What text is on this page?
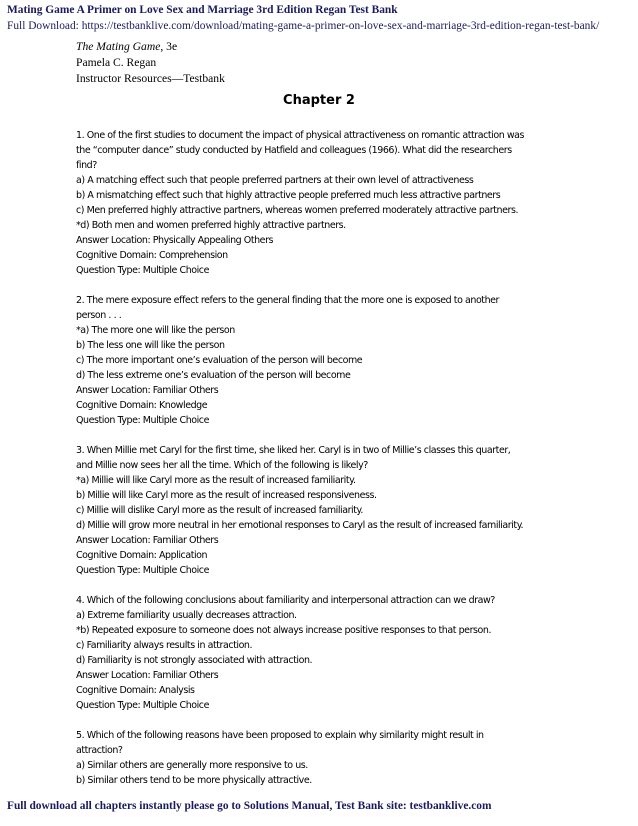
Mating Game A Primer on Love Sex and Marriage 3rd Edition Regan Test Bank
Full Download: https://testbanklive.com/download/mating-game-a-primer-on-love-sex-and-marriage-3rd-edition-regan-test-bank/
The Mating Game, 3e
Pamela C. Regan
Instructor Resources—Testbank
Chapter 2
1. One of the first studies to document the impact of physical attractiveness on romantic attraction was
the “computer dance” study conducted by Hatfield and colleagues (1966). What did the researchers
find?
a) A matching effect such that people preferred partners at their own level of attractiveness
b) A mismatching effect such that highly attractive people preferred much less attractive partners
c) Men preferred highly attractive partners, whereas women preferred moderately attractive partners.
*d) Both men and women preferred highly attractive partners.
Answer Location: Physically Appealing Others
Cognitive Domain: Comprehension
Question Type: Multiple Choice
2. The mere exposure effect refers to the general finding that the more one is exposed to another
person . . .
*a) The more one will like the person
b) The less one will like the person
c) The more important one’s evaluation of the person will become
d) The less extreme one’s evaluation of the person will become
Answer Location: Familiar Others
Cognitive Domain: Knowledge
Question Type: Multiple Choice
3. When Millie met Caryl for the first time, she liked her. Caryl is in two of Millie’s classes this quarter,
and Millie now sees her all the time. Which of the following is likely?
*a) Millie will like Caryl more as the result of increased familiarity.
b) Millie will like Caryl more as the result of increased responsiveness.
c) Millie will dislike Caryl more as the result of increased familiarity.
d) Millie will grow more neutral in her emotional responses to Caryl as the result of increased familiarity.
Answer Location: Familiar Others
Cognitive Domain: Application
Question Type: Multiple Choice
4. Which of the following conclusions about familiarity and interpersonal attraction can we draw?
a) Extreme familiarity usually decreases attraction.
*b) Repeated exposure to someone does not always increase positive responses to that person.
c) Familiarity always results in attraction.
d) Familiarity is not strongly associated with attraction.
Answer Location: Familiar Others
Cognitive Domain: Analysis
Question Type: Multiple Choice
5. Which of the following reasons have been proposed to explain why similarity might result in
attraction?
a) Similar others are generally more responsive to us.
b) Similar others tend to be more physically attractive.
Full download all chapters instantly please go to Solutions Manual, Test Bank site: testbanklive.com
